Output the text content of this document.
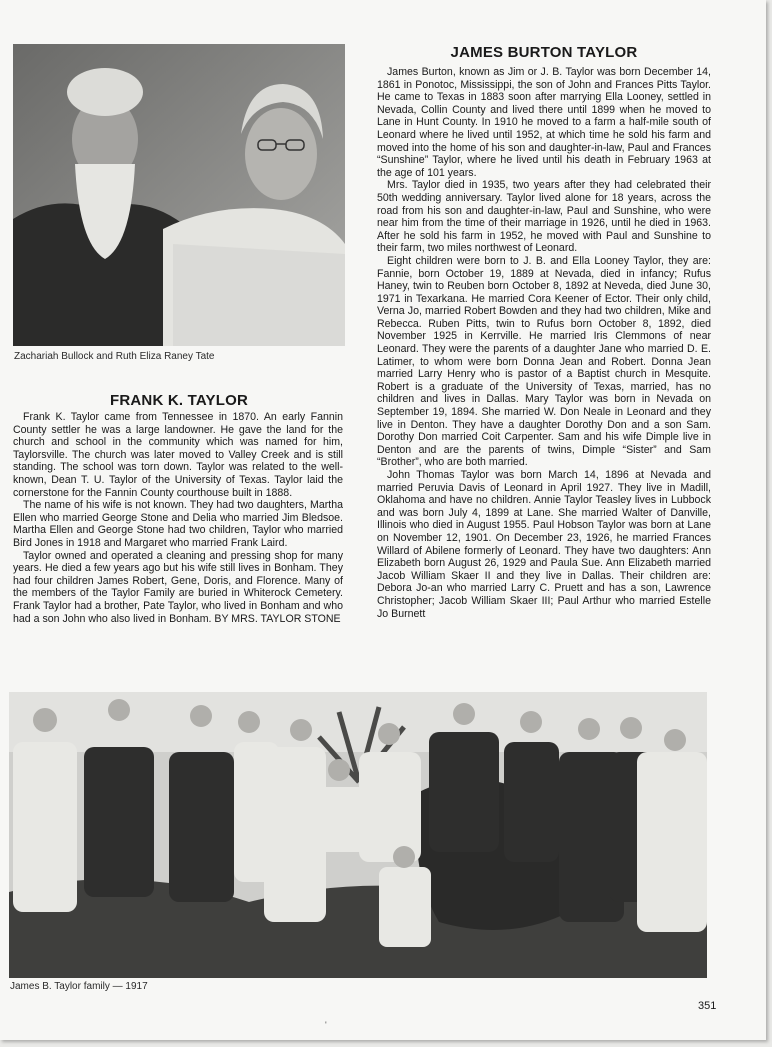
Zachariah Bullock and Ruth Eliza Raney Tate
FRANK K. TAYLOR

Frank K. Taylor came from Tennessee in 1870. An early Fannin County settler he was a large landowner. He gave the land for the church and school in the community which was named for him, Taylorsville. The church was later moved to Valley Creek and is still standing. The school was torn down. Taylor was related to the well-known, Dean T. U. Taylor of the University of Texas. Taylor laid the cornerstone for the Fannin County courthouse built in 1888.

The name of his wife is not known. They had two daughters, Martha Ellen who married George Stone and Delia who married Jim Bledsoe. Martha Ellen and George Stone had two children, Taylor who married Bird Jones in 1918 and Margaret who married Frank Laird.

Taylor owned and operated a cleaning and pressing shop for many years. He died a few years ago but his wife still lives in Bonham. They had four children James Robert, Gene, Doris, and Florence. Many of the members of the Taylor Family are buried in Whiterock Cemetery. Frank Taylor had a brother, Pate Taylor, who lived in Bonham and who had a son John who also lived in Bonham. BY MRS. TAYLOR STONE

JAMES BURTON TAYLOR

James Burton, known as Jim or J. B. Taylor was born December 14, 1861 in Ponotoc, Mississippi, the son of John and Frances Pitts Taylor. He came to Texas in 1883 soon after marrying Ella Looney, settled in Nevada, Collin County and lived there until 1899 when he moved to Lane in Hunt County. In 1910 he moved to a farm a half-mile south of Leonard where he lived until 1952, at which time he sold his farm and moved into the home of his son and daughter-in-law, Paul and Frances “Sunshine” Taylor, where he lived until his death in February 1963 at the age of 101 years.

Mrs. Taylor died in 1935, two years after they had celebrated their 50th wedding anniversary. Taylor lived alone for 18 years, across the road from his son and daughter-in-law, Paul and Sunshine, who were near him from the time of their marriage in 1926, until he died in 1963. After he sold his farm in 1952, he moved with Paul and Sunshine to their farm, two miles northwest of Leonard.

Eight children were born to J. B. and Ella Looney Taylor, they are: Fannie, born October 19, 1889 at Nevada, died in infancy; Rufus Haney, twin to Reuben born October 8, 1892 at Neveda, died June 30, 1971 in Texarkana. He married Cora Keener of Ector. Their only child, Verna Jo, married Robert Bowden and they had two children, Mike and Rebecca. Ruben Pitts, twin to Rufus born October 8, 1892, died November 1925 in Kerrville. He married Iris Clemmons of near Leonard. They were the parents of a daughter Jane who married D. E. Latimer, to whom were born Donna Jean and Robert. Donna Jean married Larry Henry who is pastor of a Baptist church in Mesquite. Robert is a graduate of the University of Texas, married, has no children and lives in Dallas. Mary Taylor was born in Nevada on September 19, 1894. She married W. Don Neale in Leonard and they live in Denton. They have a daughter Dorothy Don and a son Sam. Dorothy Don married Coit Carpenter. Sam and his wife Dimple live in Denton and are the parents of twins, Dimple “Sister” and Sam “Brother”, who are both married.

John Thomas Taylor was born March 14, 1896 at Nevada and married Peruvia Davis of Leonard in April 1927. They live in Madill, Oklahoma and have no children. Annie Taylor Teasley lives in Lubbock and was born July 4, 1899 at Lane. She married Walter of Danville, Illinois who died in August 1955. Paul Hobson Taylor was born at Lane on November 12, 1901. On December 23, 1926, he married Frances Willard of Abilene formerly of Leonard. They have two daughters: Ann Elizabeth born August 26, 1929 and Paula Sue. Ann Elizabeth married Jacob William Skaer II and they live in Dallas. Their children are: Debora Jo-an who married Larry C. Pruett and has a son, Lawrence Christopher; Jacob William Skaer III; Paul Arthur who married Estelle Jo Burnett

James B. Taylor family — 1917
351
'
